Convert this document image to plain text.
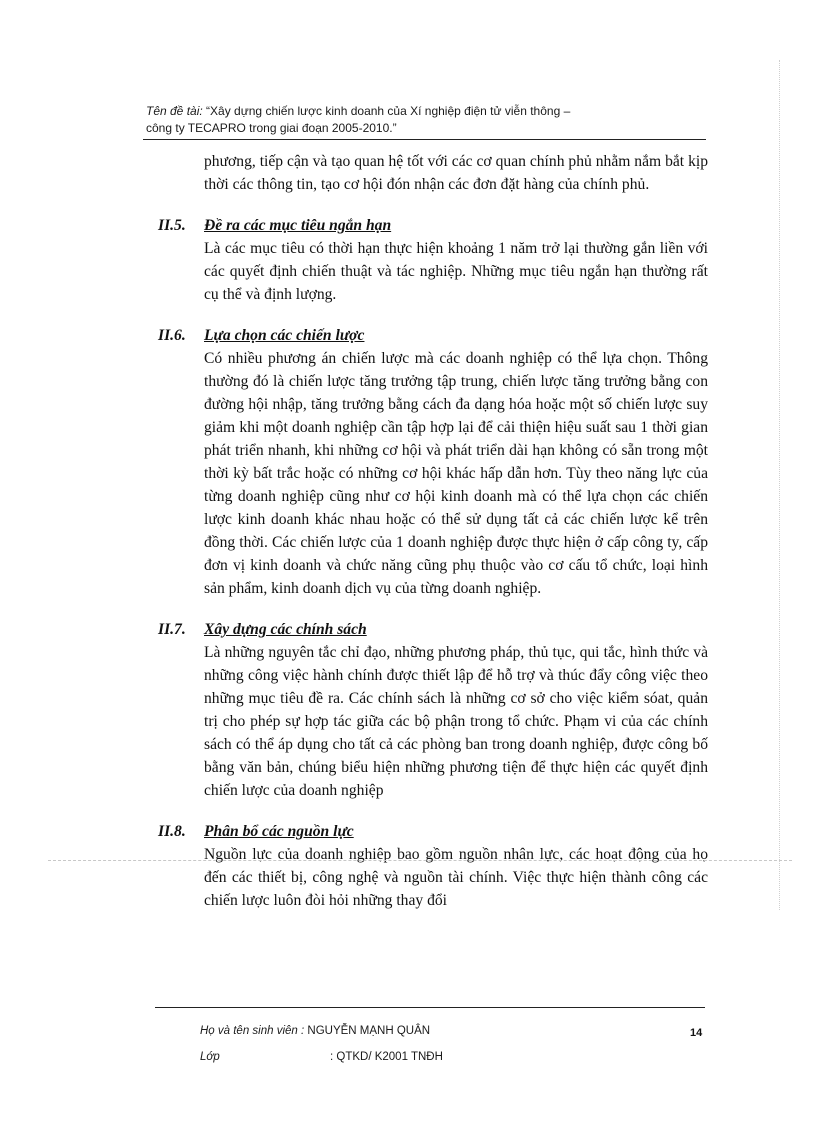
Tên đề tài: “Xây dựng chiến lược kinh doanh của Xí nghiệp điện tử viễn thông –
công ty TECAPRO trong giai đoạn 2005-2010.”

phương, tiếp cận và tạo quan hệ tốt với các cơ quan chính phủ nhằm nắm bắt kịp thời các thông tin, tạo cơ hội đón nhận các đơn đặt hàng của chính phủ.

II.5.	Đề ra các mục tiêu ngắn hạn

Là các mục tiêu có thời hạn thực hiện khoảng 1 năm trở lại thường gắn liền với các quyết định chiến thuật và tác nghiệp. Những mục tiêu ngắn hạn thường rất cụ thể và định lượng.

II.6.	Lựa chọn các chiến lược

Có nhiều phương án chiến lược mà các doanh nghiệp có thể lựa chọn. Thông thường đó là chiến lược tăng trưởng tập trung, chiến lược tăng trưởng bằng con đường hội nhập, tăng trưởng bằng cách đa dạng hóa hoặc một số chiến lược suy giảm khi một doanh nghiệp cần tập hợp lại để cải thiện hiệu suất sau 1 thời gian phát triển nhanh, khi những cơ hội và phát triển dài hạn không có sẵn trong một thời kỳ bất trắc hoặc có những cơ hội khác hấp dẫn hơn. Tùy theo năng lực của từng doanh nghiệp cũng như cơ hội kinh doanh mà có thể lựa chọn các chiến lược kinh doanh khác nhau hoặc có thể sử dụng tất cả các chiến lược kể trên đồng thời. Các chiến lược của 1 doanh nghiệp được thực hiện ở cấp công ty, cấp đơn vị kinh doanh và chức năng cũng phụ thuộc vào cơ cấu tổ chức, loại hình sản phẩm, kinh doanh dịch vụ của từng doanh nghiệp.

II.7.	Xây dựng các chính sách

Là những nguyên tắc chỉ đạo, những phương pháp, thủ tục, qui tắc, hình thức và những công việc hành chính được thiết lập để hỗ trợ và thúc đẩy công việc theo những mục tiêu đề ra. Các chính sách là những cơ sở cho việc kiểm sóat, quản trị cho phép sự hợp tác giữa các bộ phận trong tổ chức. Phạm vi của các chính sách có thể áp dụng cho tất cả các phòng ban trong doanh nghiệp, được công bố bằng văn bản, chúng biểu hiện những phương tiện để thực hiện các quyết định chiến lược của doanh nghiệp

II.8.	Phân bổ các nguồn lực

Nguồn lực của doanh nghiệp bao gồm nguồn nhân lực, các hoạt động của họ đến các thiết bị, công nghệ và nguồn tài chính. Việc thực hiện thành công các chiến lược luôn đòi hỏi những thay đổi

Họ và tên sinh viên :
NGUYỄN MẠNH QUÂN
Lớp	: QTKD/ K2001 TNĐH
14
